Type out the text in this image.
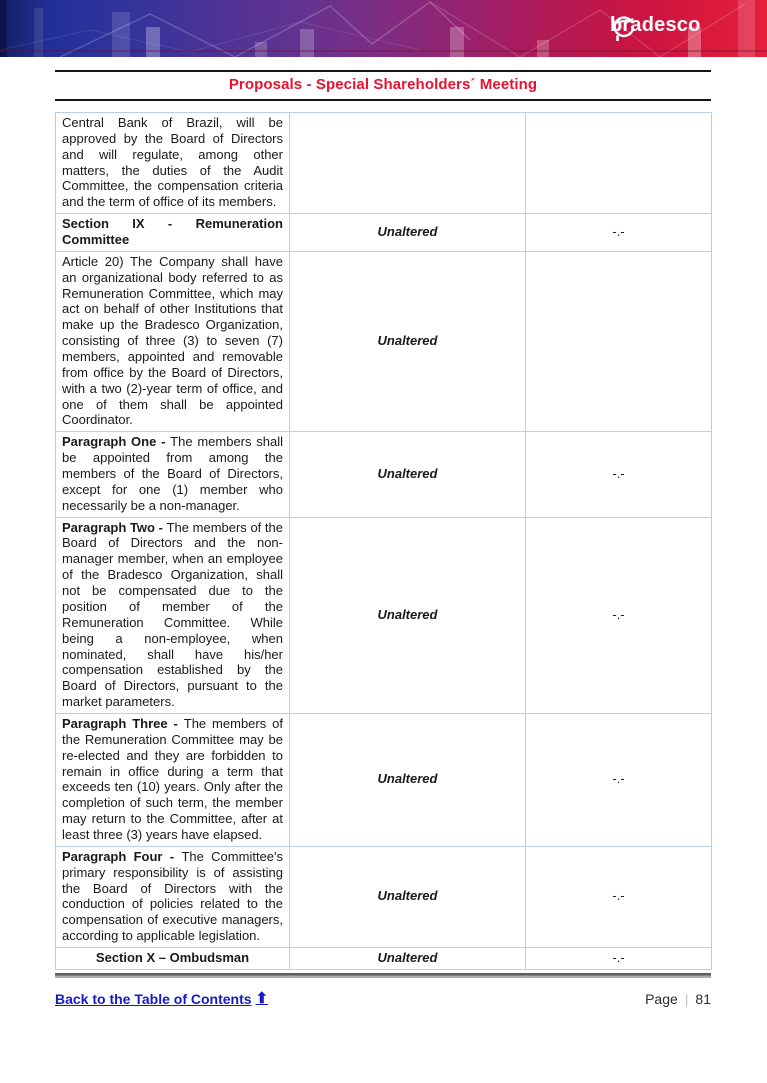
bradesco
Proposals - Special Shareholders´ Meeting
Central Bank of Brazil, will be approved by the Board of Directors and will regulate, among other matters, the duties of the Audit Committee, the compensation criteria and the term of office of its members.		
Section IX - Remuneration Committee	Unaltered	-.-
Article 20) The Company shall have an organizational body referred to as Remuneration Committee, which may act on behalf of other Institutions that make up the Bradesco Organization, consisting of three (3) to seven (7) members, appointed and removable from office by the Board of Directors, with a two (2)-year term of office, and one of them shall be appointed Coordinator.	Unaltered	
Paragraph One - The members shall be appointed from among the members of the Board of Directors, except for one (1) member who necessarily be a non-manager.	Unaltered	-.-
Paragraph Two - The members of the Board of Directors and the non-manager member, when an employee of the Bradesco Organization, shall not be compensated due to the position of member of the Remuneration Committee. While being a non-employee, when nominated, shall have his/her compensation established by the Board of Directors, pursuant to the market parameters.	Unaltered	-.-
Paragraph Three - The members of the Remuneration Committee may be re-elected and they are forbidden to remain in office during a term that exceeds ten (10) years. Only after the completion of such term, the member may return to the Committee, after at least three (3) years have elapsed.	Unaltered	-.-
Paragraph Four - The Committee's primary responsibility is of assisting the Board of Directors with the conduction of policies related to the compensation of executive managers, according to applicable legislation.	Unaltered	-.-
Section X – Ombudsman	Unaltered	-.-
Back to the Table of Contents ⬆	Page | 81
